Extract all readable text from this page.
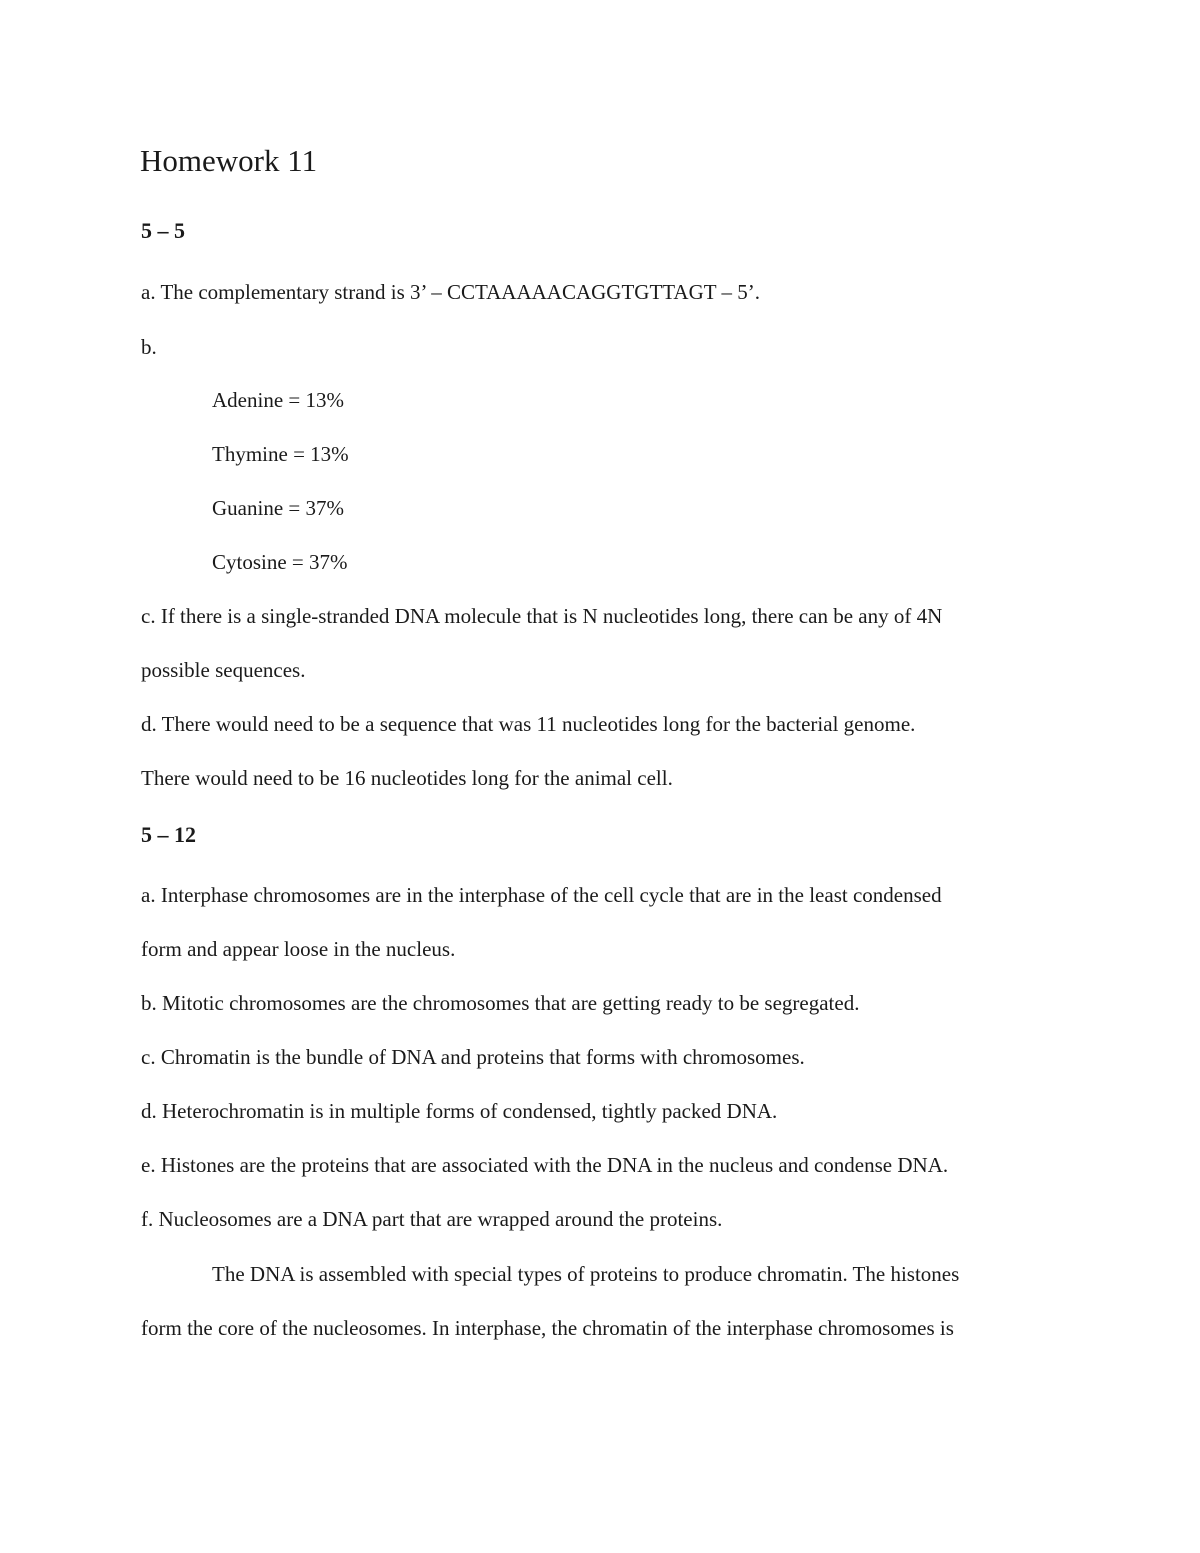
Homework 11
5 – 5
a. The complementary strand is 3’ – CCTAAAAACAGGTGTTAGT – 5’.
b.
Adenine = 13%
Thymine = 13%
Guanine = 37%
Cytosine = 37%
c. If there is a single-stranded DNA molecule that is N nucleotides long, there can be any of 4N
possible sequences.
d. There would need to be a sequence that was 11 nucleotides long for the bacterial genome.
There would need to be 16 nucleotides long for the animal cell.
5 – 12
a. Interphase chromosomes are in the interphase of the cell cycle that are in the least condensed
form and appear loose in the nucleus.
b. Mitotic chromosomes are the chromosomes that are getting ready to be segregated.
c. Chromatin is the bundle of DNA and proteins that forms with chromosomes.
d. Heterochromatin is in multiple forms of condensed, tightly packed DNA.
e. Histones are the proteins that are associated with the DNA in the nucleus and condense DNA.
f. Nucleosomes are a DNA part that are wrapped around the proteins.
The DNA is assembled with special types of proteins to produce chromatin. The histones
form the core of the nucleosomes. In interphase, the chromatin of the interphase chromosomes is
